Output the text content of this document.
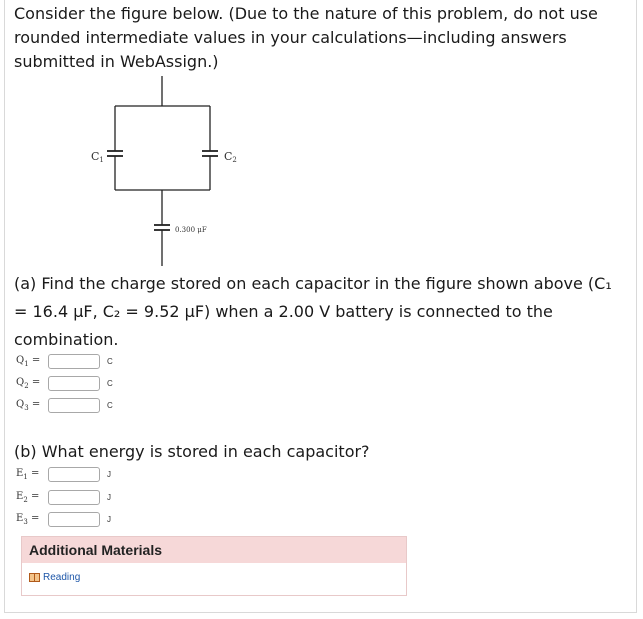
Consider the figure below. (Due to the nature of this problem, do not use
rounded intermediate values in your calculations—including answers
submitted in WebAssign.)
C1	C2
0.300 μF
(a) Find the charge stored on each capacitor in the figure shown above (C₁
= 16.4 μF, C₂ = 9.52 μF) when a 2.00 V battery is connected to the
combination.
$Q_1$ =	C
$Q_2$ =	C
$Q_3$ =	C
(b) What energy is stored in each capacitor?
$E_1$ =	J
$E_2$ =	J
$E_3$ =	J
Additional Materials
Reading
